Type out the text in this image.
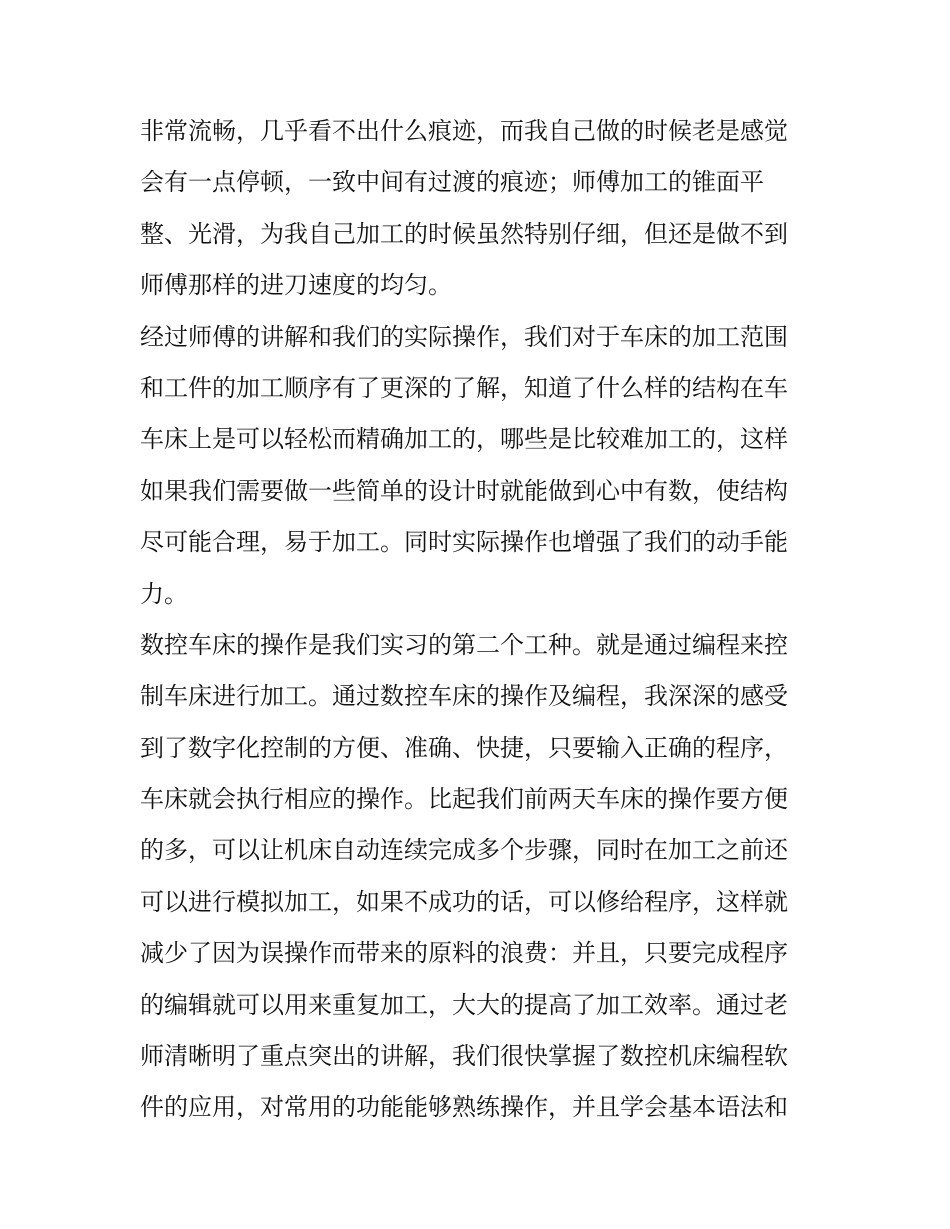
非常流畅，几乎看不出什么痕迹，而我自己做的时候老是感觉
会有一点停顿，一致中间有过渡的痕迹；师傅加工的锥面平
整、光滑，为我自己加工的时候虽然特别仔细，但还是做不到
师傅那样的进刀速度的均匀。
经过师傅的讲解和我们的实际操作，我们对于车床的加工范围
和工件的加工顺序有了更深的了解，知道了什么样的结构在车
车床上是可以轻松而精确加工的，哪些是比较难加工的，这样
如果我们需要做一些简单的设计时就能做到心中有数，使结构
尽可能合理，易于加工。同时实际操作也增强了我们的动手能
力。
数控车床的操作是我们实习的第二个工种。就是通过编程来控
制车床进行加工。通过数控车床的操作及编程，我深深的感受
到了数字化控制的方便、准确、快捷，只要输入正确的程序，
车床就会执行相应的操作。比起我们前两天车床的操作要方便
的多，可以让机床自动连续完成多个步骤，同时在加工之前还
可以进行模拟加工，如果不成功的话，可以修给程序，这样就
减少了因为误操作而带来的原料的浪费：并且，只要完成程序
的编辑就可以用来重复加工，大大的提高了加工效率。通过老
师清晰明了重点突出的讲解，我们很快掌握了数控机床编程软
件的应用，对常用的功能能够熟练操作，并且学会基本语法和
